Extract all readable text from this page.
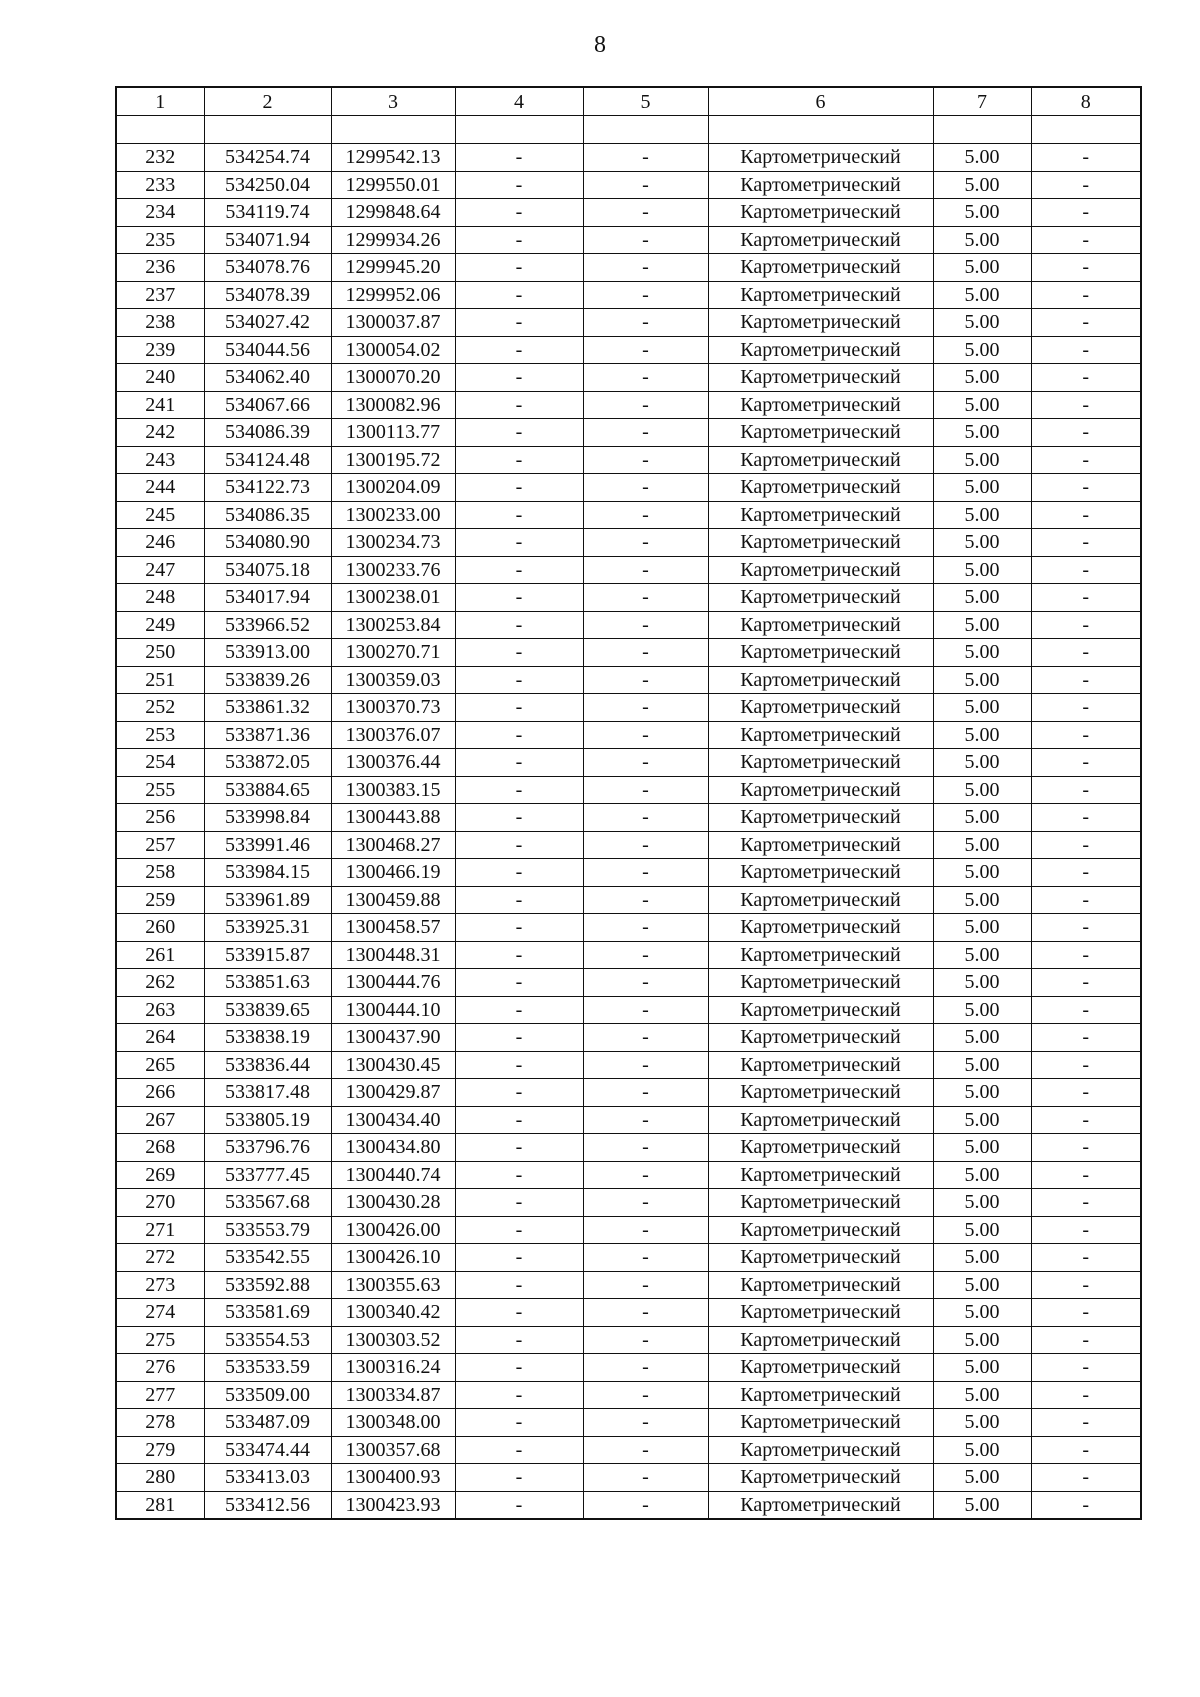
8
1	2	3	4	5	6	7	8

232	534254.74	1299542.13	-	-	Картометрический	5.00	-
233	534250.04	1299550.01	-	-	Картометрический	5.00	-
234	534119.74	1299848.64	-	-	Картометрический	5.00	-
235	534071.94	1299934.26	-	-	Картометрический	5.00	-
236	534078.76	1299945.20	-	-	Картометрический	5.00	-
237	534078.39	1299952.06	-	-	Картометрический	5.00	-
238	534027.42	1300037.87	-	-	Картометрический	5.00	-
239	534044.56	1300054.02	-	-	Картометрический	5.00	-
240	534062.40	1300070.20	-	-	Картометрический	5.00	-
241	534067.66	1300082.96	-	-	Картометрический	5.00	-
242	534086.39	1300113.77	-	-	Картометрический	5.00	-
243	534124.48	1300195.72	-	-	Картометрический	5.00	-
244	534122.73	1300204.09	-	-	Картометрический	5.00	-
245	534086.35	1300233.00	-	-	Картометрический	5.00	-
246	534080.90	1300234.73	-	-	Картометрический	5.00	-
247	534075.18	1300233.76	-	-	Картометрический	5.00	-
248	534017.94	1300238.01	-	-	Картометрический	5.00	-
249	533966.52	1300253.84	-	-	Картометрический	5.00	-
250	533913.00	1300270.71	-	-	Картометрический	5.00	-
251	533839.26	1300359.03	-	-	Картометрический	5.00	-
252	533861.32	1300370.73	-	-	Картометрический	5.00	-
253	533871.36	1300376.07	-	-	Картометрический	5.00	-
254	533872.05	1300376.44	-	-	Картометрический	5.00	-
255	533884.65	1300383.15	-	-	Картометрический	5.00	-
256	533998.84	1300443.88	-	-	Картометрический	5.00	-
257	533991.46	1300468.27	-	-	Картометрический	5.00	-
258	533984.15	1300466.19	-	-	Картометрический	5.00	-
259	533961.89	1300459.88	-	-	Картометрический	5.00	-
260	533925.31	1300458.57	-	-	Картометрический	5.00	-
261	533915.87	1300448.31	-	-	Картометрический	5.00	-
262	533851.63	1300444.76	-	-	Картометрический	5.00	-
263	533839.65	1300444.10	-	-	Картометрический	5.00	-
264	533838.19	1300437.90	-	-	Картометрический	5.00	-
265	533836.44	1300430.45	-	-	Картометрический	5.00	-
266	533817.48	1300429.87	-	-	Картометрический	5.00	-
267	533805.19	1300434.40	-	-	Картометрический	5.00	-
268	533796.76	1300434.80	-	-	Картометрический	5.00	-
269	533777.45	1300440.74	-	-	Картометрический	5.00	-
270	533567.68	1300430.28	-	-	Картометрический	5.00	-
271	533553.79	1300426.00	-	-	Картометрический	5.00	-
272	533542.55	1300426.10	-	-	Картометрический	5.00	-
273	533592.88	1300355.63	-	-	Картометрический	5.00	-
274	533581.69	1300340.42	-	-	Картометрический	5.00	-
275	533554.53	1300303.52	-	-	Картометрический	5.00	-
276	533533.59	1300316.24	-	-	Картометрический	5.00	-
277	533509.00	1300334.87	-	-	Картометрический	5.00	-
278	533487.09	1300348.00	-	-	Картометрический	5.00	-
279	533474.44	1300357.68	-	-	Картометрический	5.00	-
280	533413.03	1300400.93	-	-	Картометрический	5.00	-
281	533412.56	1300423.93	-	-	Картометрический	5.00	-
